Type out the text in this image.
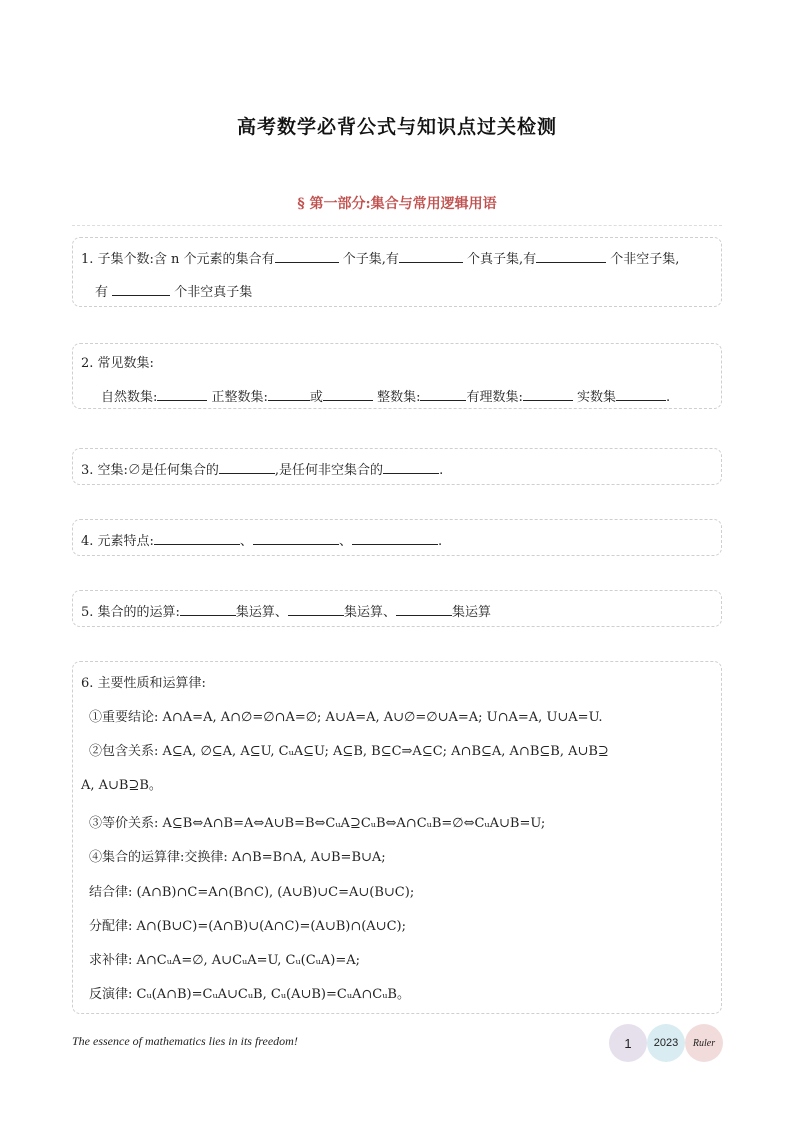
高考数学必背公式与知识点过关检测
§ 第一部分:集合与常用逻辑用语
1. 子集个数:含 n 个元素的集合有	个子集,有	个真子集,有	个非空子集,
有	个非空真子集
2. 常见数集:
自然数集:	正整数集:	或	整数集:	有理数集:	实数集	.
3. 空集:∅是任何集合的	,是任何非空集合的	.
4. 元素特点:	、	、	.
5. 集合的的运算:	集运算、	集运算、	集运算
6. 主要性质和运算律:
①重要结论: A∩A=A, A∩∅=∅∩A=∅; A∪A=A, A∪∅=∅∪A=A; U∩A=A, U∪A=U.
②包含关系: A⊆A, ∅⊆A, A⊆U, CᵤA⊆U; A⊆B, B⊆C⇒A⊆C; A∩B⊆A, A∩B⊆B, A∪B⊇
A, A∪B⊇B。
③等价关系: A⊆B⇔A∩B=A⇔A∪B=B⇔CᵤA⊇CᵤB⇔A∩CᵤB=∅⇔CᵤA∪B=U;
④集合的运算律:交换律: A∩B=B∩A, A∪B=B∪A;
结合律: (A∩B)∩C=A∩(B∩C), (A∪B)∪C=A∪(B∪C);
分配律: A∩(B∪C)=(A∩B)∪(A∩C)=(A∪B)∩(A∪C);
求补律: A∩CᵤA=∅, A∪CᵤA=U, Cᵤ(CᵤA)=A;
反演律: Cᵤ(A∩B)=CᵤA∪CᵤB, Cᵤ(A∪B)=CᵤA∩CᵤB。
The essence of mathematics lies in its freedom!	1	2023	Ruler
